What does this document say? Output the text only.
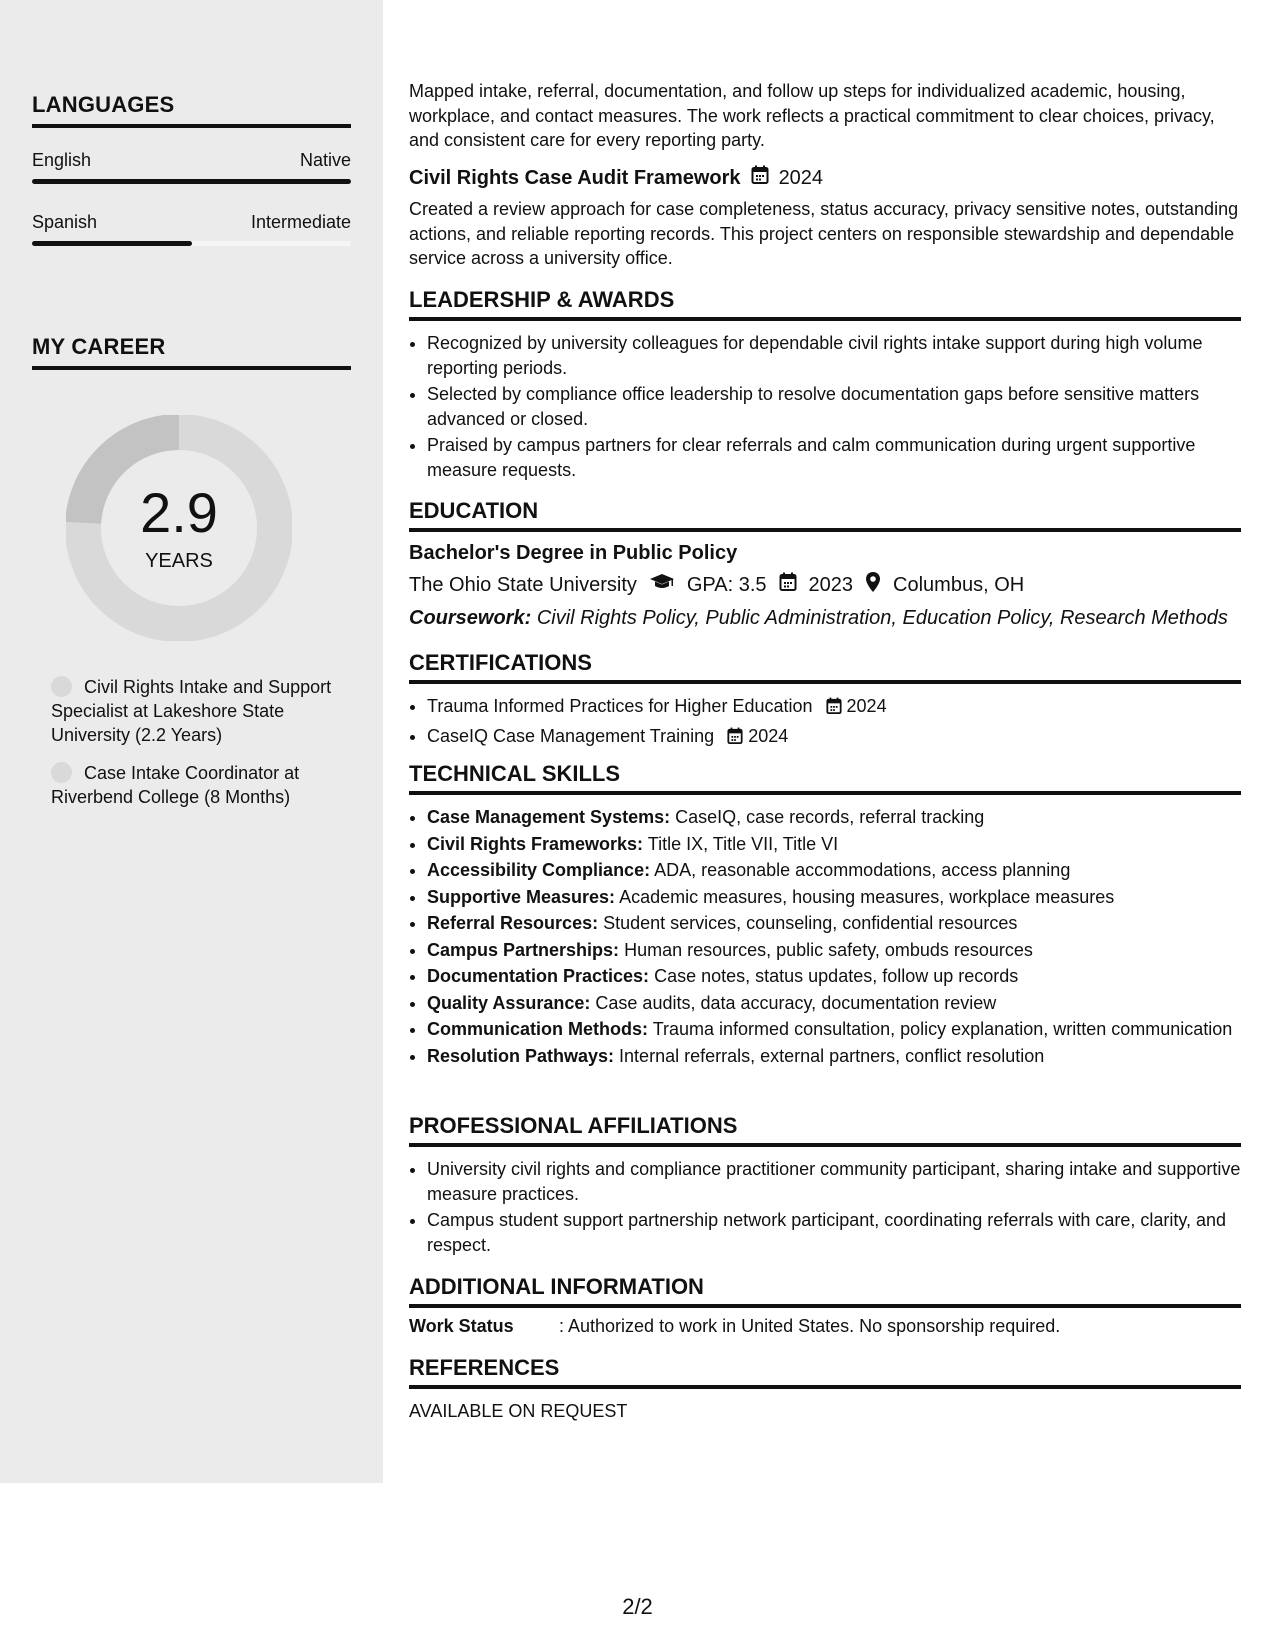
LANGUAGES
English	Native
Spanish	Intermediate
MY CAREER
2.9
YEARS
Civil Rights Intake and Support Specialist at Lakeshore State University (2.2 Years)
Case Intake Coordinator at Riverbend College (8 Months)

Mapped intake, referral, documentation, and follow up steps for individualized academic, housing, workplace, and contact measures. The work reflects a practical commitment to clear choices, privacy, and consistent care for every reporting party.

Civil Rights Case Audit Framework 2024

Created a review approach for case completeness, status accuracy, privacy sensitive notes, outstanding actions, and reliable reporting records. This project centers on responsible stewardship and dependable service across a university office.

LEADERSHIP & AWARDS
• Recognized by university colleagues for dependable civil rights intake support during high volume reporting periods.
• Selected by compliance office leadership to resolve documentation gaps before sensitive matters advanced or closed.
• Praised by campus partners for clear referrals and calm communication during urgent supportive measure requests.
EDUCATION
Bachelor's Degree in Public Policy
The Ohio State University	GPA: 3.5 2023 Columbus, OH
Coursework: Civil Rights Policy, Public Administration, Education Policy, Research Methods
CERTIFICATIONS
• Trauma Informed Practices for Higher Education 2024
• CaseIQ Case Management Training 2024
TECHNICAL SKILLS
• Case Management Systems: CaseIQ, case records, referral tracking
• Civil Rights Frameworks: Title IX, Title VII, Title VI
• Accessibility Compliance: ADA, reasonable accommodations, access planning
• Supportive Measures: Academic measures, housing measures, workplace measures
• Referral Resources: Student services, counseling, confidential resources
• Campus Partnerships: Human resources, public safety, ombuds resources
• Documentation Practices: Case notes, status updates, follow up records
• Quality Assurance: Case audits, data accuracy, documentation review
• Communication Methods: Trauma informed consultation, policy explanation, written communication
• Resolution Pathways: Internal referrals, external partners, conflict resolution
PROFESSIONAL AFFILIATIONS
• University civil rights and compliance practitioner community participant, sharing intake and supportive measure practices.
• Campus student support partnership network participant, coordinating referrals with care, clarity, and respect.
ADDITIONAL INFORMATION
Work Status	: Authorized to work in United States. No sponsorship required.
REFERENCES

AVAILABLE ON REQUEST

2/2
